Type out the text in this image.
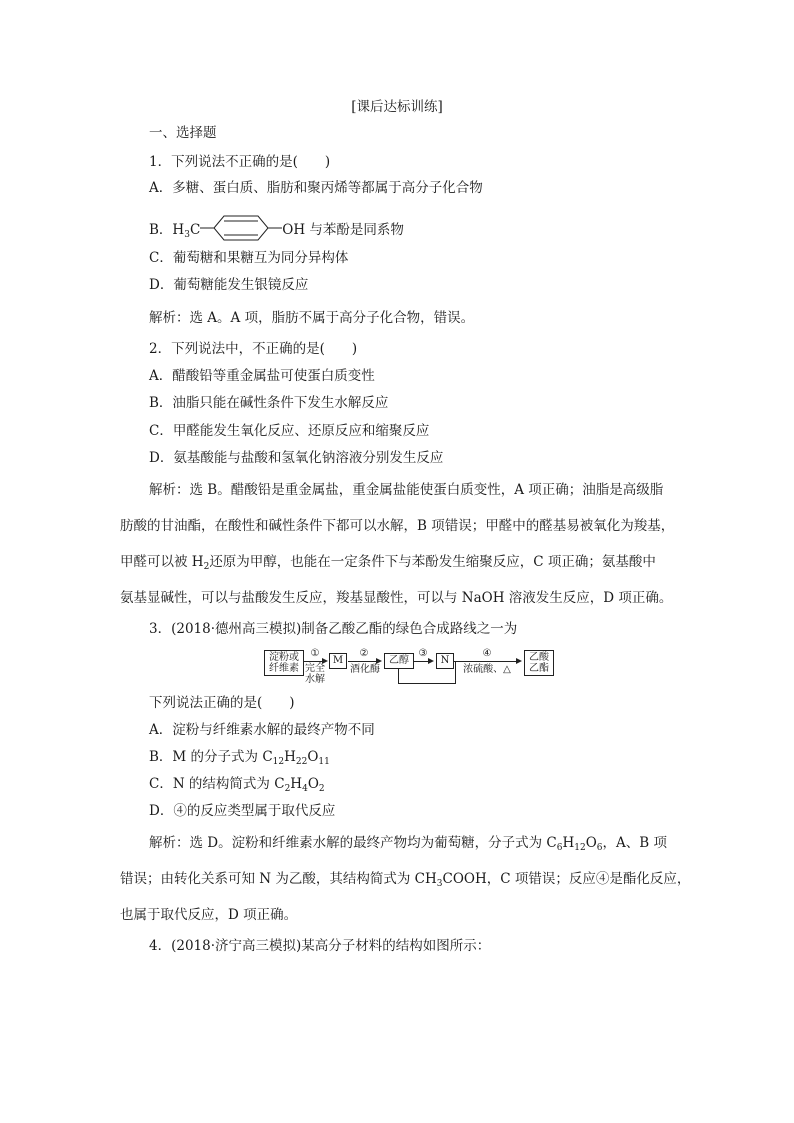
[课后达标训练]
一、选择题
1．下列说法不正确的是(　　)
A．多糖、蛋白质、脂肪和聚丙烯等都属于高分子化合物
B．$H_3C$	OH 与苯酚是同系物
C．葡萄糖和果糖互为同分异构体
D．葡萄糖能发生银镜反应
解析：选 A。A 项，脂肪不属于高分子化合物，错误。
2．下列说法中，不正确的是(　　)
A．醋酸铅等重金属盐可使蛋白质变性
B．油脂只能在碱性条件下发生水解反应
C．甲醛能发生氧化反应、还原反应和缩聚反应
D．氨基酸能与盐酸和氢氧化钠溶液分别发生反应
解析：选 B。醋酸铅是重金属盐，重金属盐能使蛋白质变性，A 项正确；油脂是高级脂
肪酸的甘油酯，在酸性和碱性条件下都可以水解，B 项错误；甲醛中的醛基易被氧化为羧基，
甲醛可以被 $H_2$还原为甲醇，也能在一定条件下与苯酚发生缩聚反应，C 项正确；氨基酸中
氨基显碱性，可以与盐酸发生反应，羧基显酸性，可以与 NaOH 溶液发生反应，D 项正确。
3．(2018·德州高三模拟)制备乙酸乙酯的绿色合成路线之一为
淀粉或
纤维素
①
完全
水解
M
②
酒化酶
乙醇
③
N
④
浓硫酸、△
乙酸
乙酯
下列说法正确的是(　　)
A．淀粉与纤维素水解的最终产物不同
B．M 的分子式为 $C_{12}H_{22}O_{11}$
C．N 的结构简式为 $C_2H_4O_2$
D．④的反应类型属于取代反应
解析：选 D。淀粉和纤维素水解的最终产物均为葡萄糖，分子式为 $C_6H_{12}O_6$，A、B 项
错误；由转化关系可知 N 为乙酸，其结构简式为 $CH_3COOH$，C 项错误；反应④是酯化反应，
也属于取代反应，D 项正确。
4．(2018·济宁高三模拟)某高分子材料的结构如图所示：
